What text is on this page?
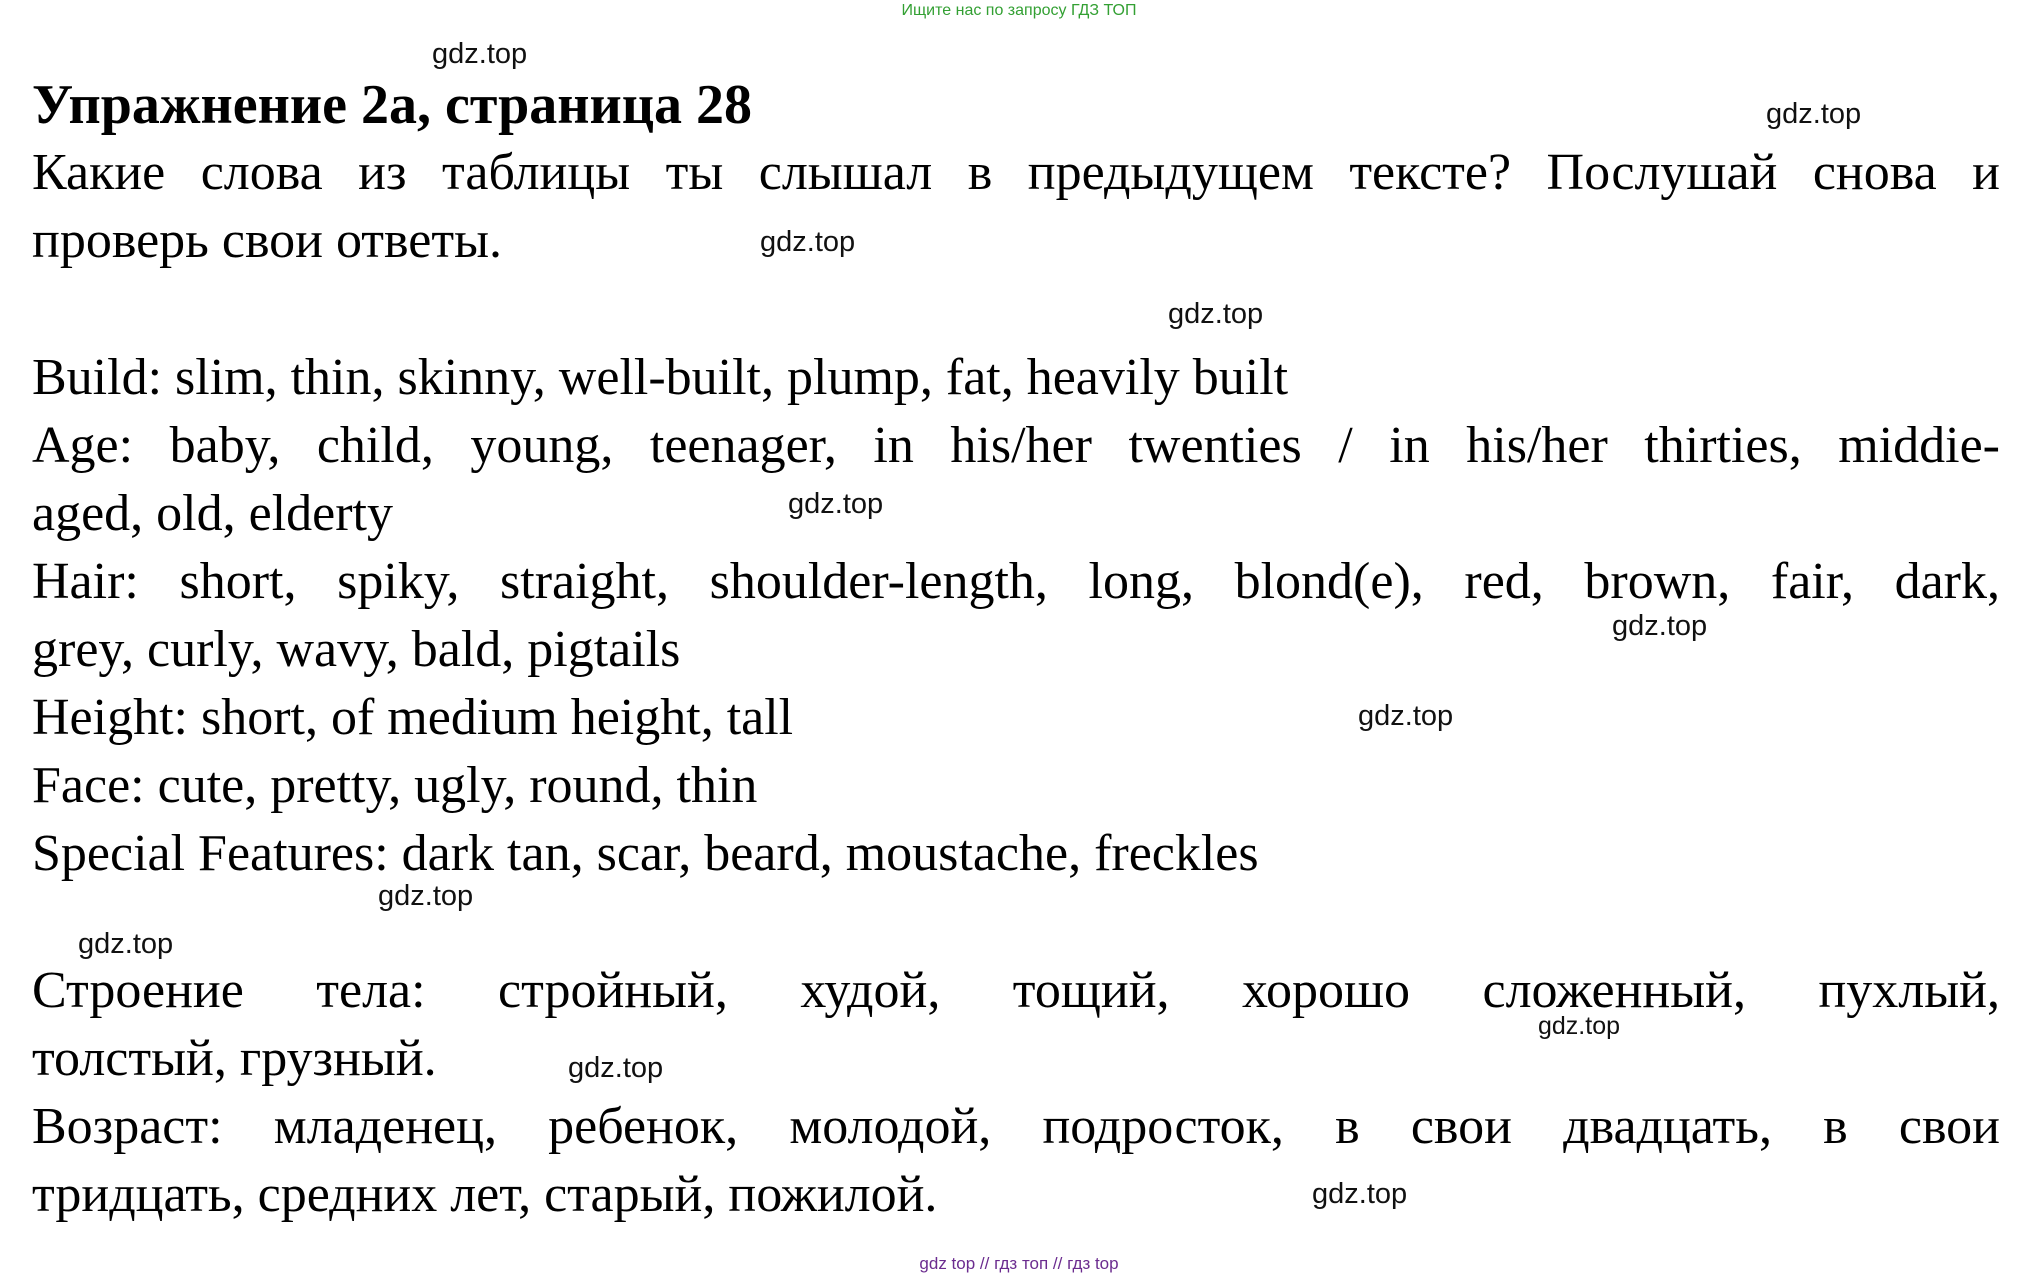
Ищите нас по запросу ГДЗ ТОП
Упражнение 2a, страница 28
Какие слова из таблицы ты слышал в предыдущем тексте? Послушай снова и
проверь свои ответы.
Build: slim, thin, skinny, well-built, plump, fat, heavily built
Age: baby, child, young, teenager, in his/her twenties / in his/her thirties, middie-
aged, old, elderty
Hair: short, spiky, straight, shoulder-length, long, blond(e), red, brown, fair, dark,
grey, curly, wavy, bald, pigtails
Height: short, of medium height, tall
Face: cute, pretty, ugly, round, thin
Special Features: dark tan, scar, beard, moustache, freckles
Строение тела: стройный, худой, тощий, хорошо сложенный, пухлый,
толстый, грузный.
Возраст: младенец, ребенок, молодой, подросток, в свои двадцать, в свои
тридцать, средних лет, старый, пожилой.
gdz.top
gdz.top
gdz.top
gdz.top
gdz.top
gdz.top
gdz.top
gdz.top
gdz.top
gdz.top
gdz.top
gdz.top
gdz top // гдз топ // гдз top
